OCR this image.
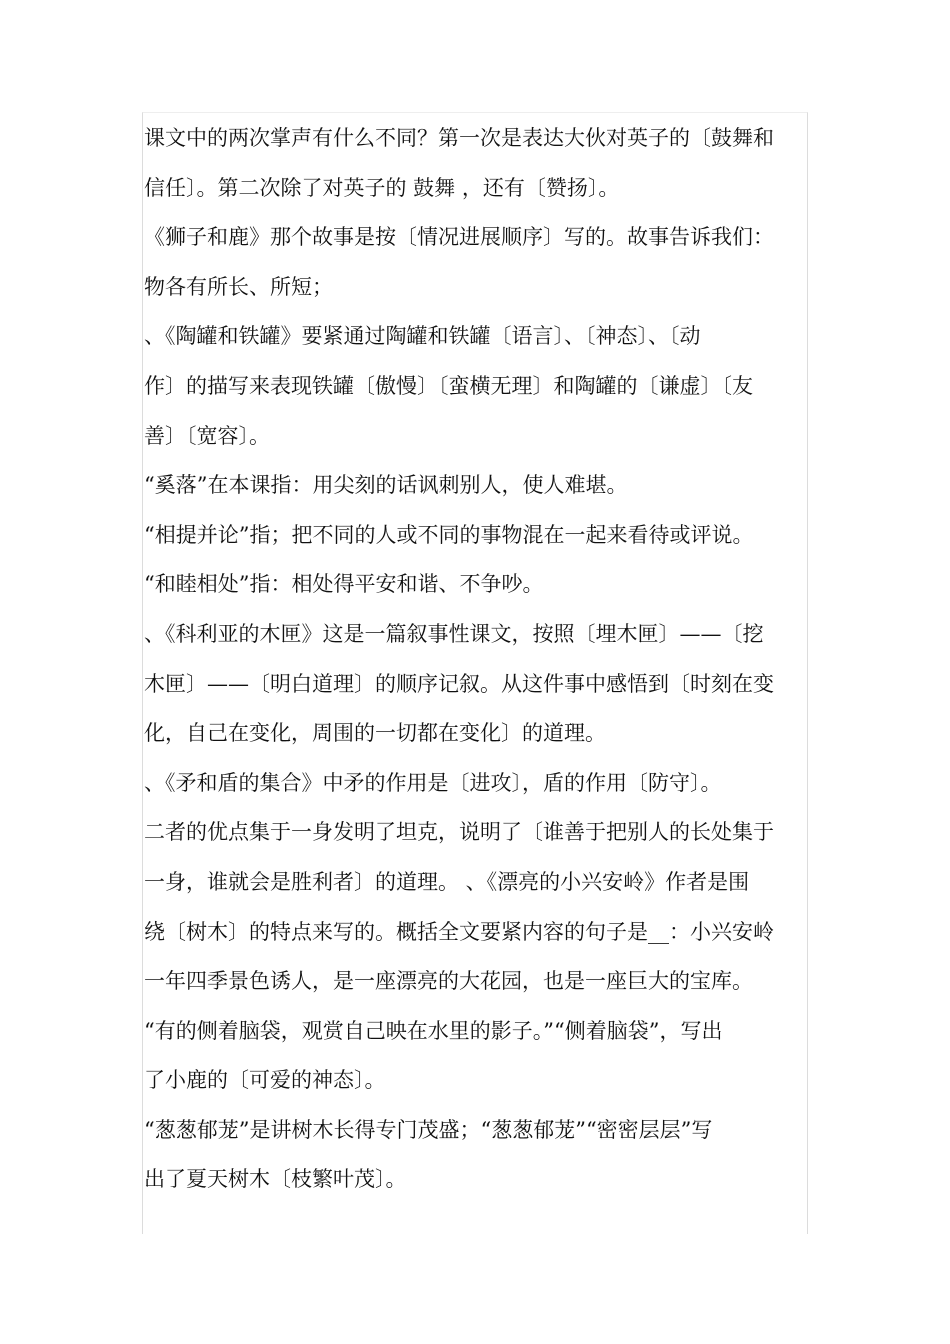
课文中的两次掌声有什么不同？第一次是表达大伙对英子的〔鼓舞和
信任〕。第二次除了对英子的 鼓舞 ，还有〔赞扬〕。
《狮子和鹿》那个故事是按〔情况进展顺序〕写的。故事告诉我们：
物各有所长、所短；
、《陶罐和铁罐》要紧通过陶罐和铁罐〔语言〕、〔神态〕、〔动
作〕的描写来表现铁罐〔傲慢〕〔蛮横无理〕和陶罐的〔谦虚〕〔友
善〕〔宽容〕。
“奚落”在本课指：用尖刻的话讽刺别人，使人难堪。
“相提并论”指；把不同的人或不同的事物混在一起来看待或评说。
“和睦相处”指：相处得平安和谐、不争吵。
、《科利亚的木匣》这是一篇叙事性课文，按照〔埋木匣〕——〔挖
木匣〕——〔明白道理〕的顺序记叙。从这件事中感悟到〔时刻在变
化，自己在变化，周围的一切都在变化〕的道理。
、《矛和盾的集合》中矛的作用是〔进攻〕，盾的作用〔防守〕。
二者的优点集于一身发明了坦克，说明了〔谁善于把别人的长处集于
一身，谁就会是胜利者〕的道理。 、《漂亮的小兴安岭》作者是围
绕〔树木〕的特点来写的。概括全文要紧内容的句子是__：小兴安岭
一年四季景色诱人，是一座漂亮的大花园，也是一座巨大的宝库。
“有的侧着脑袋，观赏自己映在水里的影子。”“侧着脑袋”，写出
了小鹿的〔可爱的神态〕。
“葱葱郁茏”是讲树木长得专门茂盛；“葱葱郁茏”“密密层层”写
出了夏天树木〔枝繁叶茂〕。
